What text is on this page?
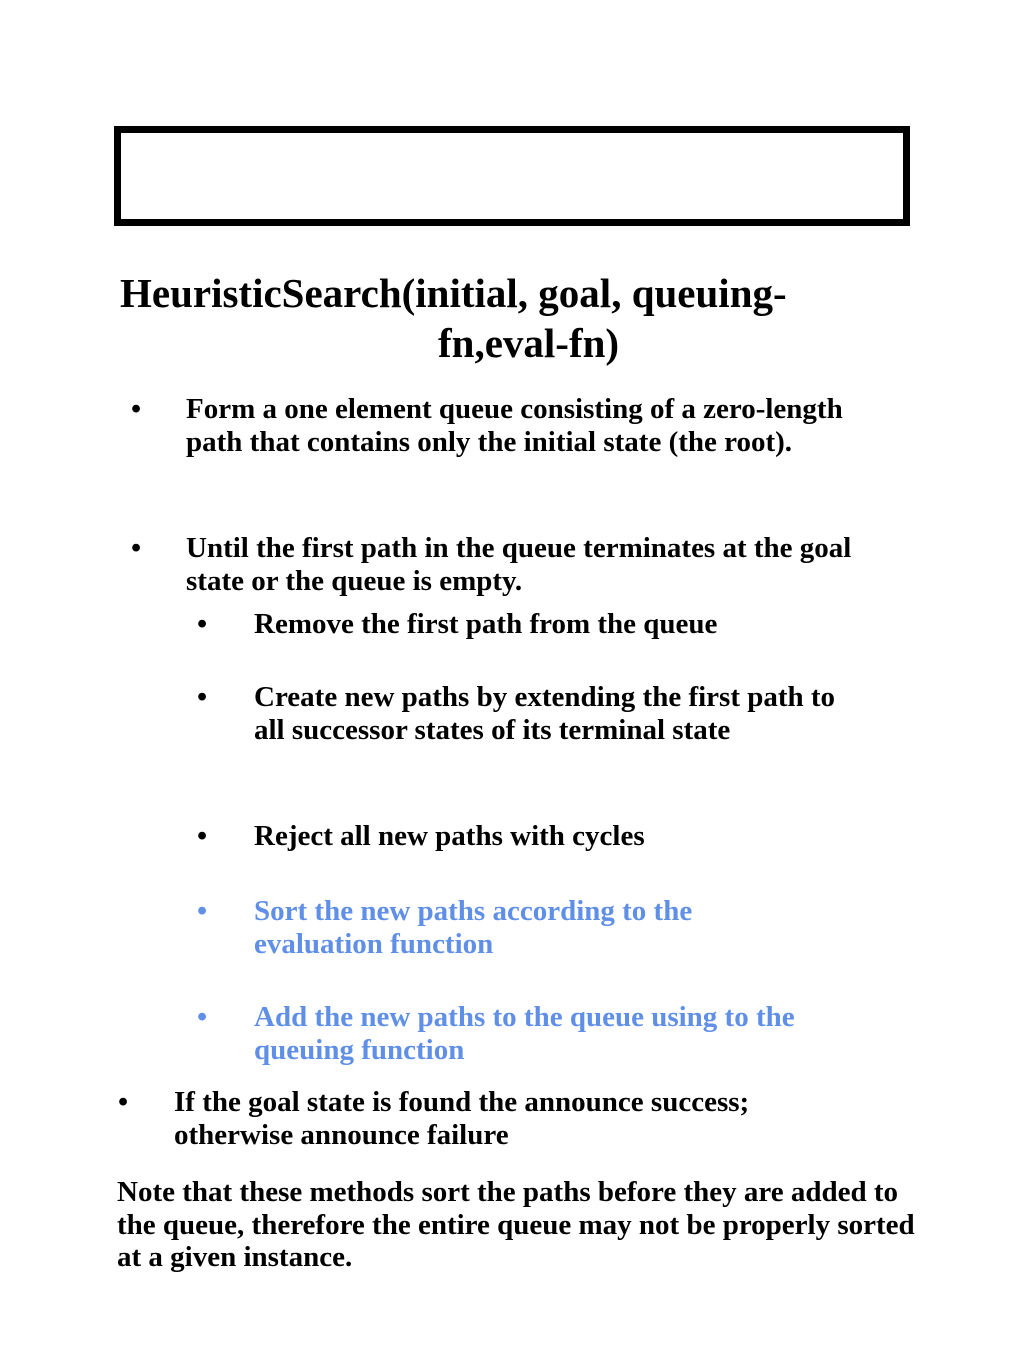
HeuristicSearch(initial, goal, queuing-
fn,eval-fn)
• Form a one element queue consisting of a zero-length path that contains only the initial state (the root).

• Until the first path in the queue terminates at the goal state or the queue is empty.

• Remove the first path from the queue

• Create new paths by extending the first path to all successor states of its terminal state

• Reject all new paths with cycles

• Sort the new paths according to the evaluation function

• Add the new paths to the queue using to the queuing function

• If the goal state is found the announce success; otherwise announce failure

Note that these methods sort the paths before they are added to the queue, therefore the entire queue may not be properly sorted at a given instance.
